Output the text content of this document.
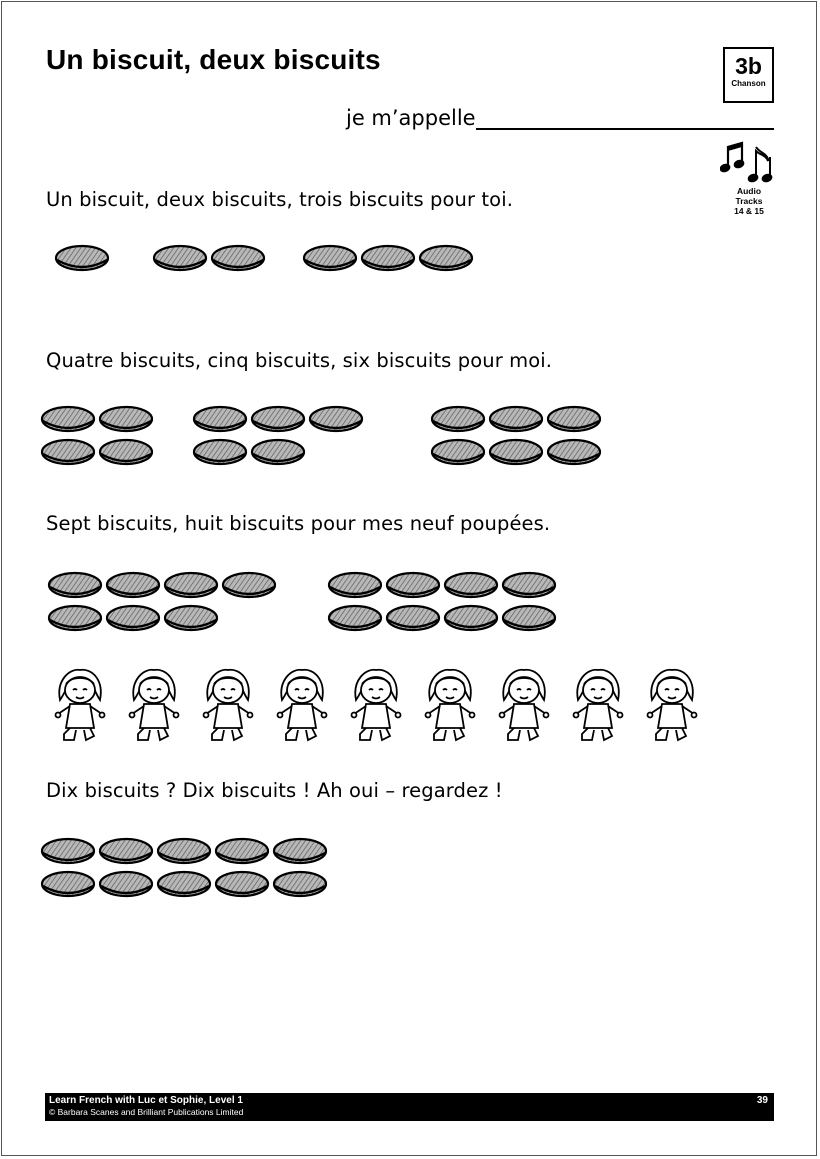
Un biscuit, deux biscuits	3b
Chanson
je m’appelle
Audio
Tracks
14 & 15

Un biscuit, deux biscuits, trois biscuits pour toi.

Quatre biscuits, cinq biscuits, six biscuits pour moi.

Sept biscuits, huit biscuits pour mes neuf poupées.

Dix biscuits ? Dix biscuits ! Ah oui – regardez !

Learn French with Luc et Sophie, Level 1
© Barbara Scanes and Brilliant Publications Limited
39
